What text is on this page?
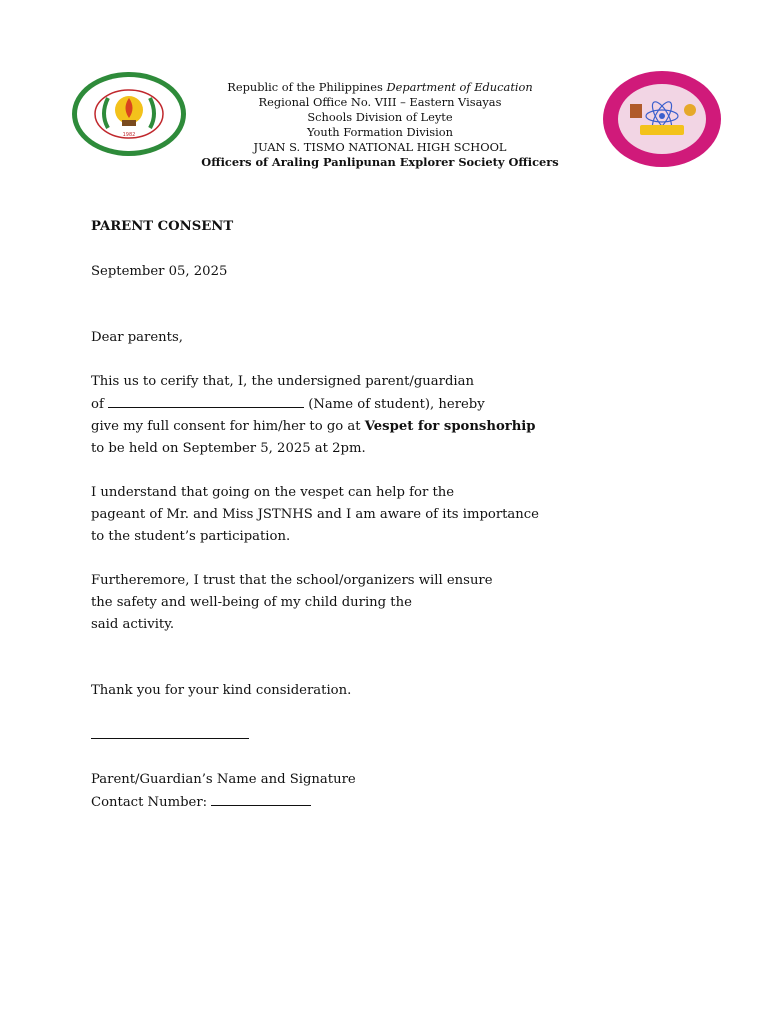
1982
Republic of the Philippines Department of Education
Regional Office No. VIII – Eastern Visayas
Schools Division of Leyte
Youth Formation Division
JUAN S. TISMO NATIONAL HIGH SCHOOL
Officers of Araling Panlipunan Explorer Society Officers

PARENT CONSENT

September 05, 2025

Dear parents,

This us to cerify that, I, the undersigned parent/guardian

of	(Name of student), hereby

give my full consent for him/her to go at Vespet for sponshorhip

to be held on September 5, 2025 at 2pm.

I understand that going on the vespet can help for the

pageant of Mr. and Miss JSTNHS and I am aware of its importance

to the student’s participation.

Furtheremore, I trust that the school/organizers will ensure

the safety and well-being of my child during the

said activity.

Thank you for your kind consideration.

Parent/Guardian’s Name and Signature

Contact Number:
